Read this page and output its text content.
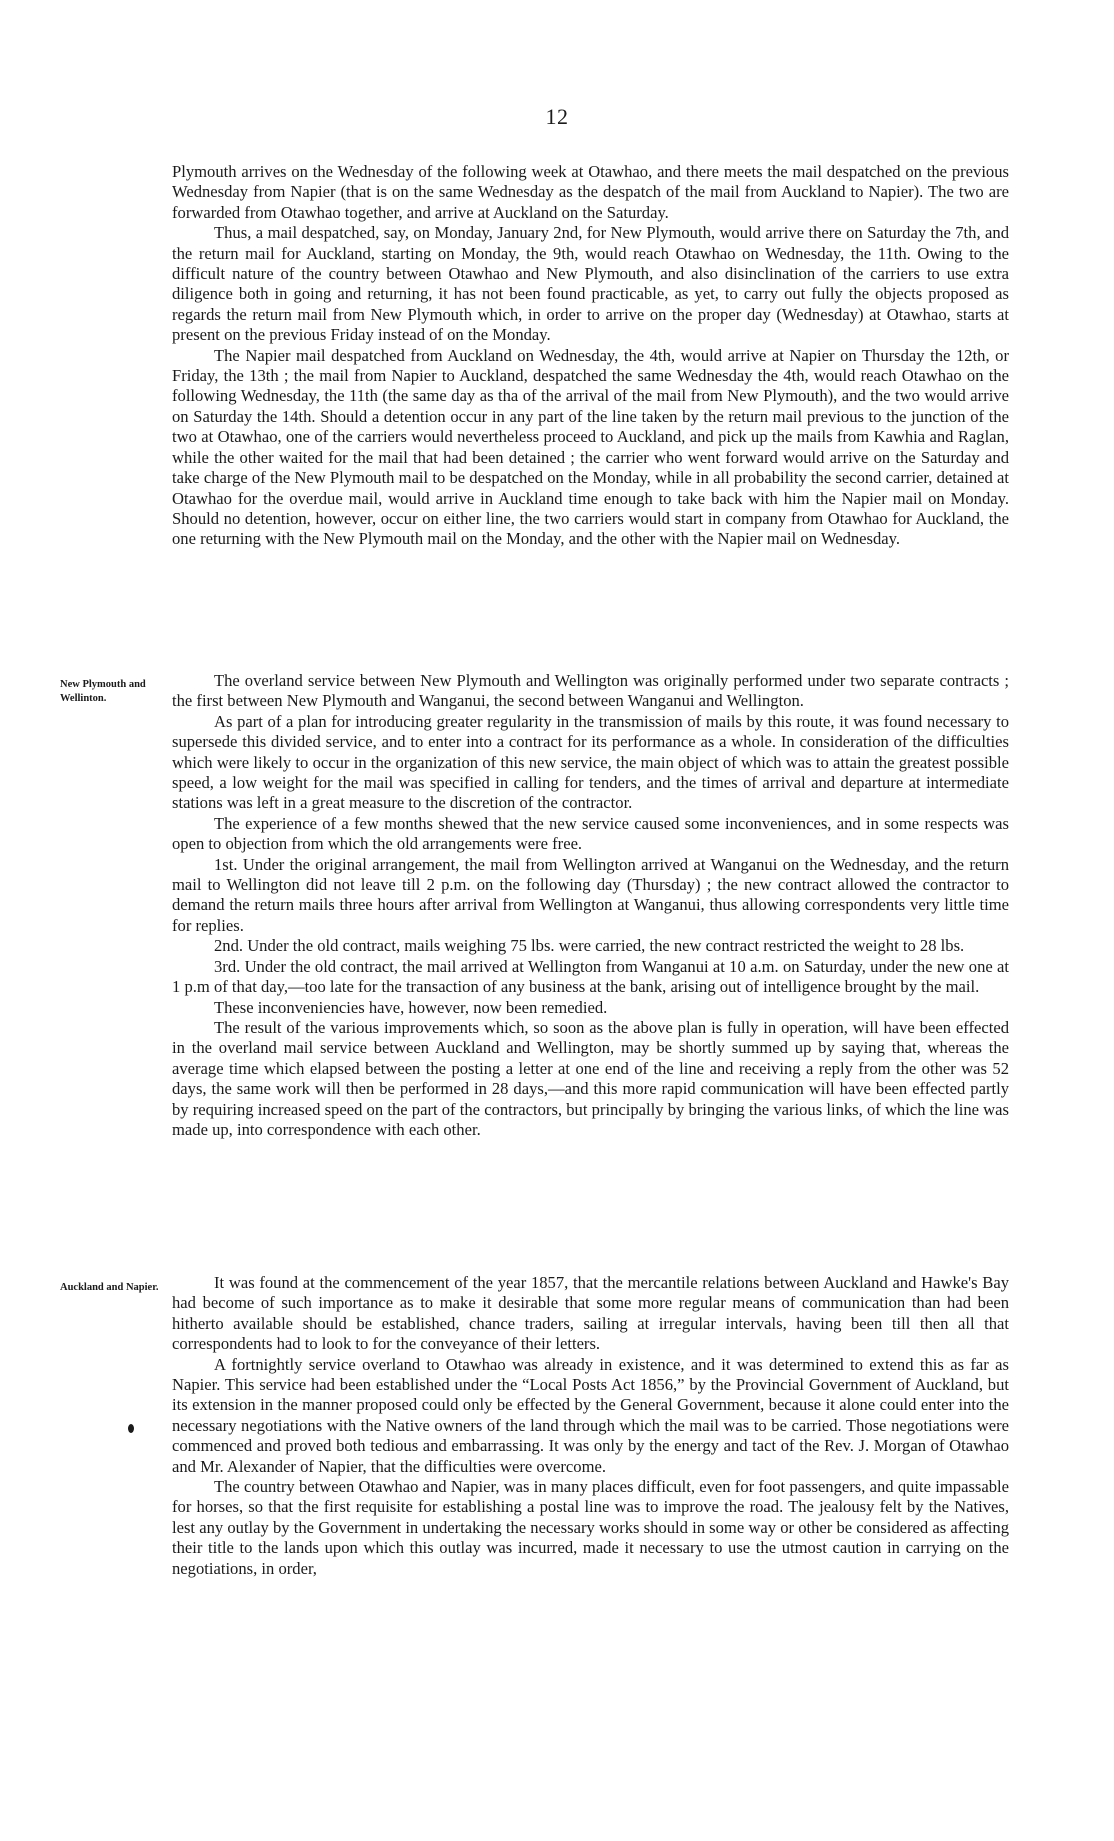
12

Plymouth arrives on the Wednesday of the following week at Otawhao, and there meets the mail despatched on the previous Wednesday from Napier (that is on the same Wednesday as the despatch of the mail from Auckland to Napier). The two are forwarded from Otawhao together, and arrive at Auckland on the Saturday.

Thus, a mail despatched, say, on Monday, January 2nd, for New Plymouth, would arrive there on Saturday the 7th, and the return mail for Auckland, starting on Monday, the 9th, would reach Otawhao on Wednesday, the 11th. Owing to the difficult nature of the country between Otawhao and New Plymouth, and also disinclination of the carriers to use extra diligence both in going and returning, it has not been found practicable, as yet, to carry out fully the objects proposed as regards the return mail from New Plymouth which, in order to arrive on the proper day (Wednesday) at Otawhao, starts at present on the previous Friday instead of on the Monday.

The Napier mail despatched from Auckland on Wednesday, the 4th, would arrive at Napier on Thursday the 12th, or Friday, the 13th ; the mail from Napier to Auckland, despatched the same Wednesday the 4th, would reach Otawhao on the following Wednesday, the 11th (the same day as tha of the arrival of the mail from New Plymouth), and the two would arrive on Saturday the 14th. Should a detention occur in any part of the line taken by the return mail previous to the junction of the two at Otawhao, one of the carriers would nevertheless proceed to Auckland, and pick up the mails from Kawhia and Raglan, while the other waited for the mail that had been detained ; the carrier who went forward would arrive on the Saturday and take charge of the New Plymouth mail to be despatched on the Monday, while in all probability the second carrier, detained at Otawhao for the overdue mail, would arrive in Auckland time enough to take back with him the Napier mail on Monday. Should no detention, however, occur on either line, the two carriers would start in company from Otawhao for Auckland, the one returning with the New Plymouth mail on the Monday, and the other with the Napier mail on Wednesday.

New Plymouth and Wellinton.

The overland service between New Plymouth and Wellington was originally performed under two separate contracts ; the first between New Plymouth and Wanganui, the second between Wanganui and Wellington.

As part of a plan for introducing greater regularity in the transmission of mails by this route, it was found necessary to supersede this divided service, and to enter into a contract for its performance as a whole. In consideration of the difficulties which were likely to occur in the organization of this new service, the main object of which was to attain the greatest possible speed, a low weight for the mail was specified in calling for tenders, and the times of arrival and departure at intermediate stations was left in a great measure to the discretion of the contractor.

The experience of a few months shewed that the new service caused some inconveniences, and in some respects was open to objection from which the old arrangements were free.

1st. Under the original arrangement, the mail from Wellington arrived at Wanganui on the Wednesday, and the return mail to Wellington did not leave till 2 p.m. on the following day (Thursday) ; the new contract allowed the contractor to demand the return mails three hours after arrival from Wellington at Wanganui, thus allowing correspondents very little time for replies.

2nd. Under the old contract, mails weighing 75 lbs. were carried, the new contract restricted the weight to 28 lbs.

3rd. Under the old contract, the mail arrived at Wellington from Wanganui at 10 a.m. on Saturday, under the new one at 1 p.m of that day,—too late for the transaction of any business at the bank, arising out of intelligence brought by the mail.

These inconveniencies have, however, now been remedied.

The result of the various improvements which, so soon as the above plan is fully in operation, will have been effected in the overland mail service between Auckland and Wellington, may be shortly summed up by saying that, whereas the average time which elapsed between the posting a letter at one end of the line and receiving a reply from the other was 52 days, the same work will then be performed in 28 days,—and this more rapid communication will have been effected partly by requiring increased speed on the part of the contractors, but principally by bringing the various links, of which the line was made up, into correspondence with each other.

Auckland and Napier.	It was found at the commencement of the year 1857, that the mercantile relations between Auckland and Hawke's Bay had become of such importance as to make it desirable that some more regular means of communication than had been hitherto available should be established, chance traders, sailing at irregular intervals, having been till then all that correspondents had to look to for the conveyance of their letters.

A fortnightly service overland to Otawhao was already in existence, and it was determined to extend this as far as Napier. This service had been established under the “Local Posts Act 1856,” by the Provincial Government of Auckland, but its extension in the manner proposed could only be effected by the General Government, because it alone could enter into the necessary negotiations with the Native owners of the land through which the mail was to be carried. Those negotiations were commenced and proved both tedious and embarrassing. It was only by the energy and tact of the Rev. J. Morgan of Otawhao and Mr. Alexander of Napier, that the difficulties were overcome.

The country between Otawhao and Napier, was in many places difficult, even for foot passengers, and quite impassable for horses, so that the first requisite for establishing a postal line was to improve the road. The jealousy felt by the Natives, lest any outlay by the Government in undertaking the necessary works should in some way or other be considered as affecting their title to the lands upon which this outlay was incurred, made it necessary to use the utmost caution in carrying on the negotiations, in order,
